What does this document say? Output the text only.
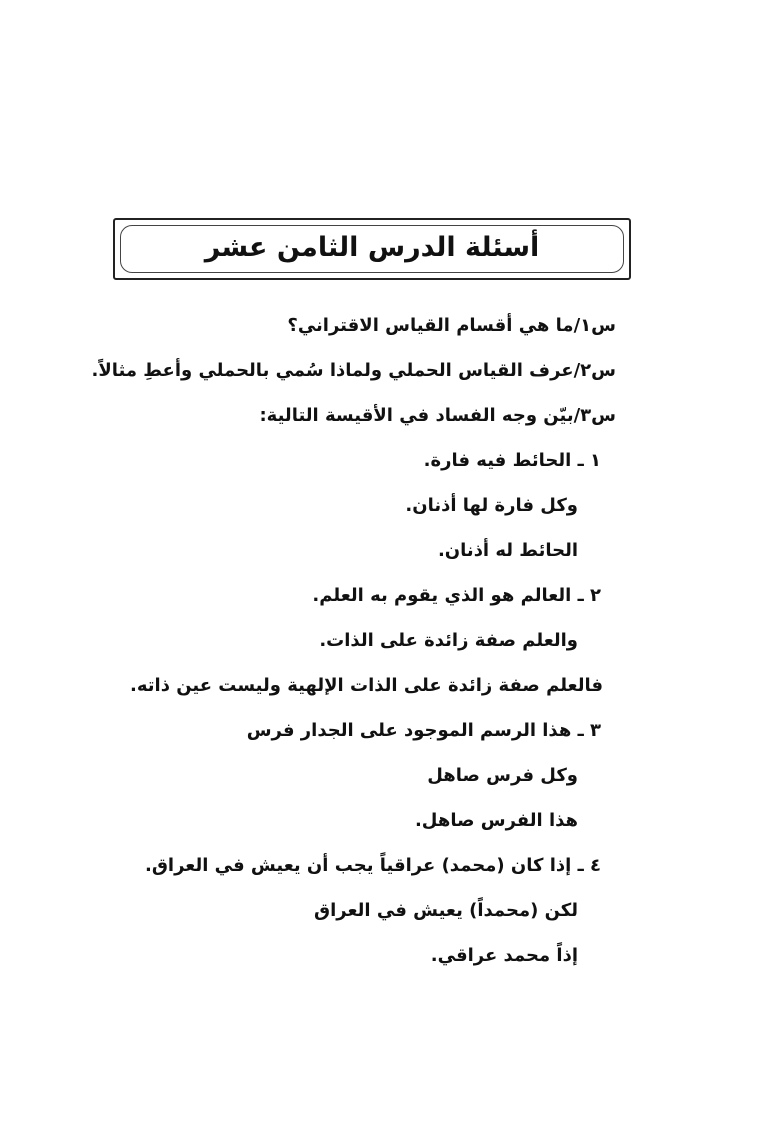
أسئلة الدرس الثامن عشر
س١/ما هي أقسام القياس الاقتراني؟
س٢/عرف القياس الحملي ولماذا سُمي بالحملي وأعطِ مثالاً.
س٣/بيّن وجه الفساد في الأقيسة التالية:
١ ـ الحائط فيه فارة.
وكل فارة لها أذنان.
الحائط له أذنان.
٢ ـ العالم هو الذي يقوم به العلم.
والعلم صفة زائدة على الذات.
فالعلم صفة زائدة على الذات الإلهية وليست عين ذاته.
٣ ـ هذا الرسم الموجود على الجدار فرس
وكل فرس صاهل
هذا الفرس صاهل.
٤ ـ إذا كان (محمد) عراقياً يجب أن يعيش في العراق.
لكن (محمداً) يعيش في العراق
إذاً محمد عراقي.
